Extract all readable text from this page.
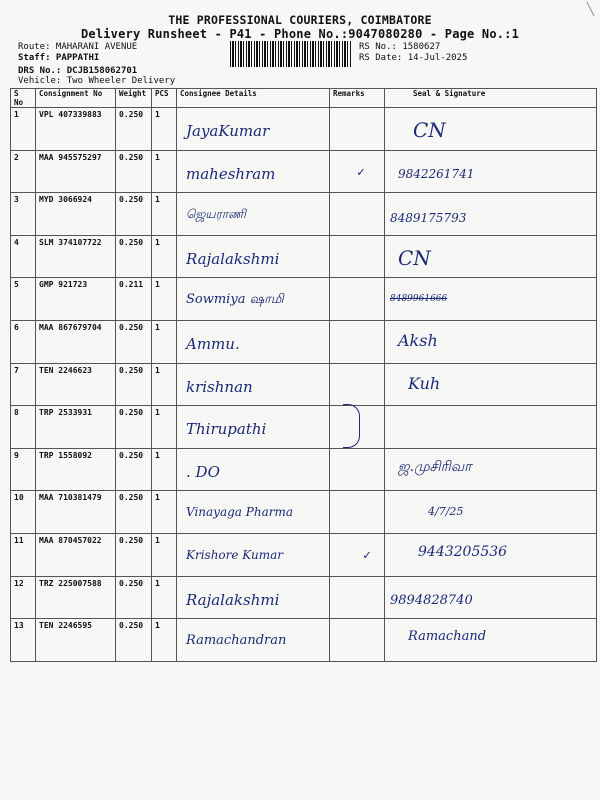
╲
THE PROFESSIONAL COURIERS, COIMBATORE
Delivery Runsheet - P41 - Phone No.:9047080280 - Page No.:1
Route: MAHARANI AVENUE
Staff: PAPPATHI
DRS No.: DCJB158062701
Vehicle: Two Wheeler Delivery
RS No.: 1580627
RS Date: 14-Jul-2025
S No	Consignment No	Weight	PCS	Consignee Details	Remarks	Seal & Signature
1	VPL 407339883	0.250	1	JayaKumar		CN

2	MAA 945575297	0.250	1	maheshram	✓	9842261741

3	MYD 3066924	0.250	1	ஜெயராணி		8489175793

4	SLM 374107722	0.250	1	Rajalakshmi		CN

5	GMP 921723	0.211	1	Sowmiya ஷாமி		8489961666

6	MAA 867679704	0.250	1	Ammu.		Aksh

7	TEN 2246623	0.250	1	krishnan		Kuh

8	TRP 2533931	0.250	1	Thirupathi		

9	TRP 1558092	0.250	1	. DO		ஜ.முசிரிவா

10	MAA 710381479	0.250	1	Vinayaga Pharma		4/7/25

11	MAA 870457022	0.250	1	Krishore Kumar	✓	9443205536

12	TRZ 225007588	0.250	1	Rajalakshmi		9894828740

13	TEN 2246595	0.250	1	Ramachandran		Ramachand
